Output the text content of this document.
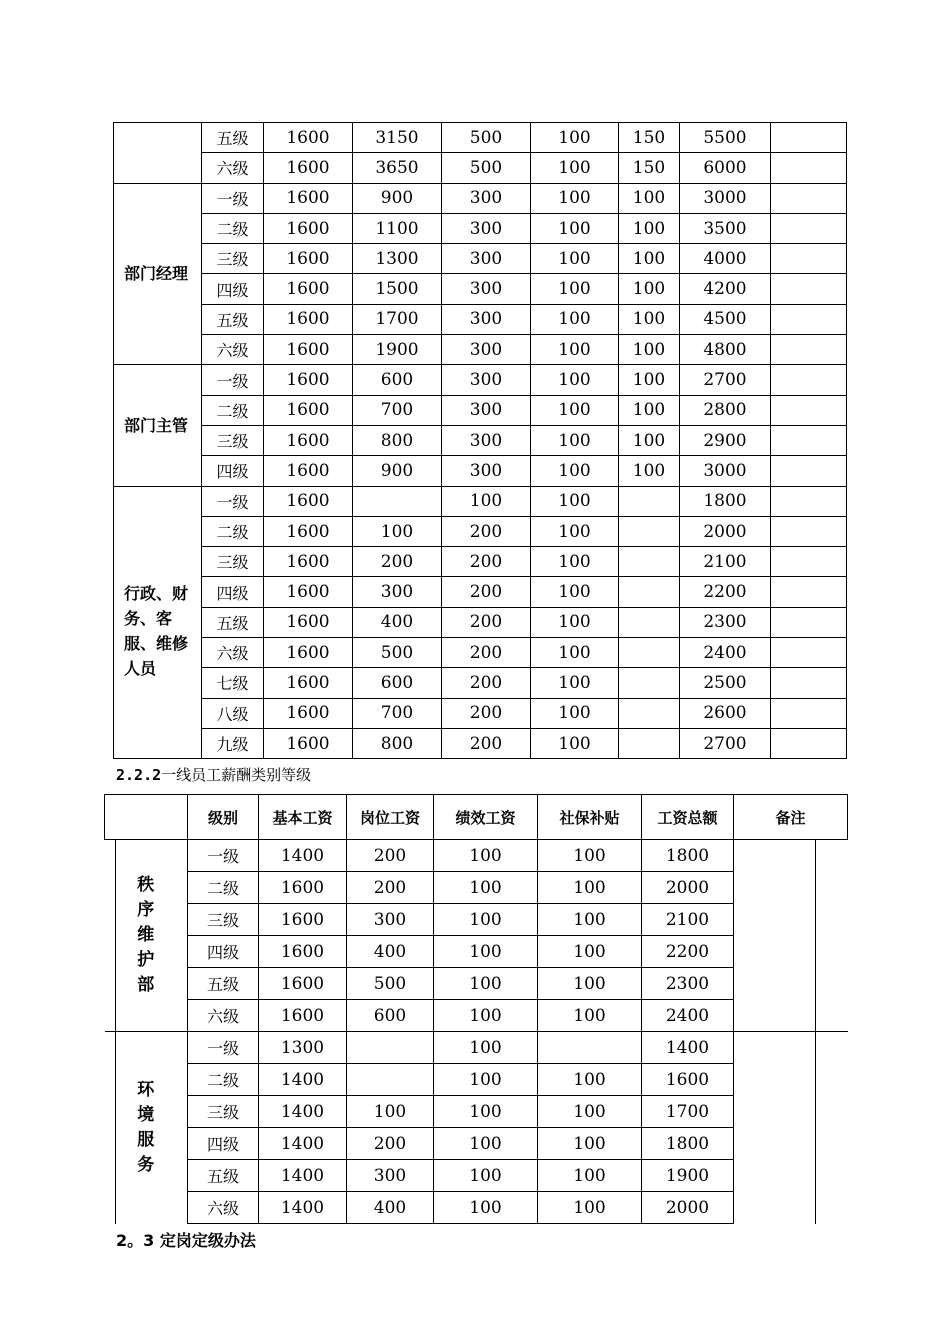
	五级	1600	3150	500	100	150	5500	
	六级	1600	3650	500	100	150	6000	
部门经理	一级	1600	900	300	100	100	3000	
	二级	1600	1100	300	100	100	3500	
	三级	1600	1300	300	100	100	4000	
	四级	1600	1500	300	100	100	4200	
	五级	1600	1700	300	100	100	4500	
	六级	1600	1900	300	100	100	4800	
部门主管	一级	1600	600	300	100	100	2700	
	二级	1600	700	300	100	100	2800	
	三级	1600	800	300	100	100	2900	
	四级	1600	900	300	100	100	3000	
行政、财务、客服、维修人员	一级	1600		100	100		1800	
	二级	1600	100	200	100		2000	
	三级	1600	200	200	100		2100	
	四级	1600	300	200	100		2200	
	五级	1600	400	200	100		2300	
	六级	1600	500	200	100		2400	
	七级	1600	600	200	100		2500	
	八级	1600	700	200	100		2600	
	九级	1600	800	200	100		2700	
2.2.2一线员工薪酬类别等级
	级别	基本工资	岗位工资	绩效工资	社保补贴	工资总额	备注
秩序维护部	一级	1400	200	100	100	1800	
	二级	1600	200	100	100	2000	
	三级	1600	300	100	100	2100	
	四级	1600	400	100	100	2200	
	五级	1600	500	100	100	2300	
	六级	1600	600	100	100	2400	
环境服务	一级	1300		100		1400	
	二级	1400		100	100	1600	
	三级	1400	100	100	100	1700	
	四级	1400	200	100	100	1800	
	五级	1400	300	100	100	1900	
	六级	1400	400	100	100	2000	
2。3 定岗定级办法
